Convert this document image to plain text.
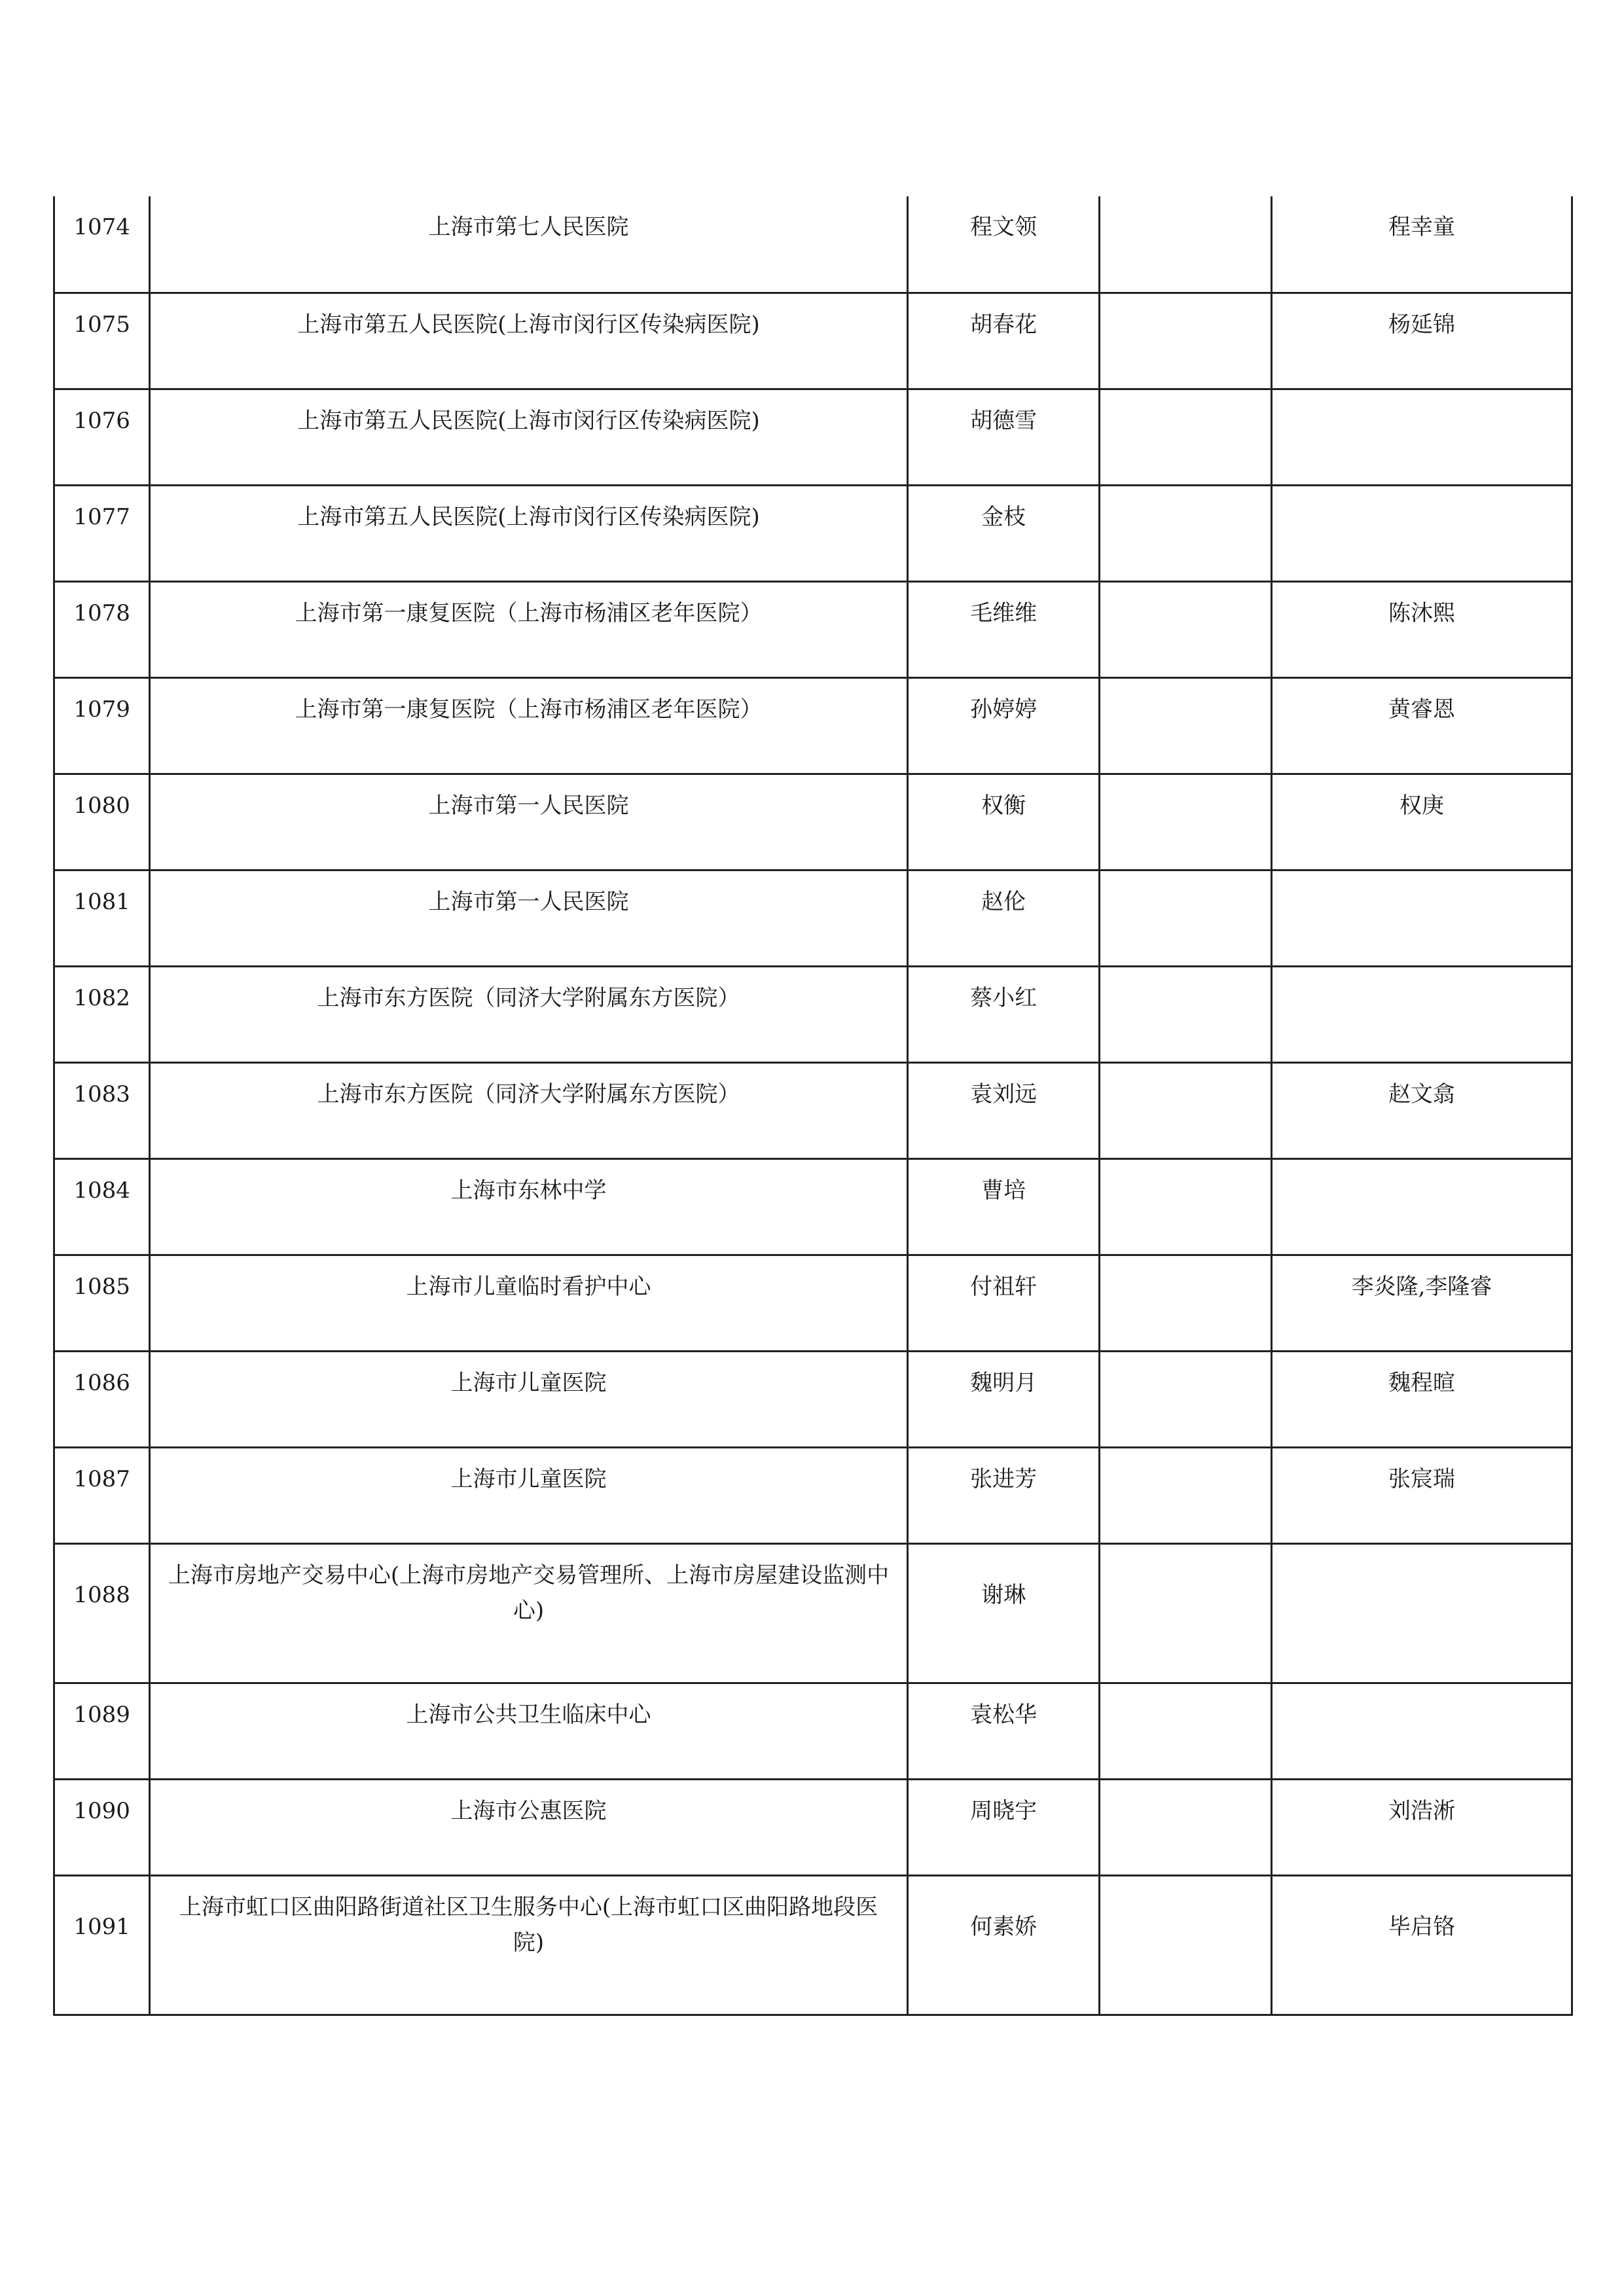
1074	上海市第七人民医院	程文领		程幸童
1075	上海市第五人民医院(上海市闵行区传染病医院)	胡春花		杨延锦
1076	上海市第五人民医院(上海市闵行区传染病医院)	胡德雪		
1077	上海市第五人民医院(上海市闵行区传染病医院)	金枝		
1078	上海市第一康复医院（上海市杨浦区老年医院）	毛维维		陈沐熙
1079	上海市第一康复医院（上海市杨浦区老年医院）	孙婷婷		黄睿恩
1080	上海市第一人民医院	权衡		权庚
1081	上海市第一人民医院	赵伦		
1082	上海市东方医院（同济大学附属东方医院）	蔡小红		
1083	上海市东方医院（同济大学附属东方医院）	袁刘远		赵文翕
1084	上海市东林中学	曹培		
1085	上海市儿童临时看护中心	付祖轩		李炎隆,李隆睿
1086	上海市儿童医院	魏明月		魏程暄
1087	上海市儿童医院	张进芳		张宸瑞
1088	上海市房地产交易中心(上海市房地产交易管理所、上海市房屋建设监测中心)	谢琳		
1089	上海市公共卫生临床中心	袁松华		
1090	上海市公惠医院	周晓宇		刘浩淅
1091	上海市虹口区曲阳路街道社区卫生服务中心(上海市虹口区曲阳路地段医院)	何素娇		毕启铬
